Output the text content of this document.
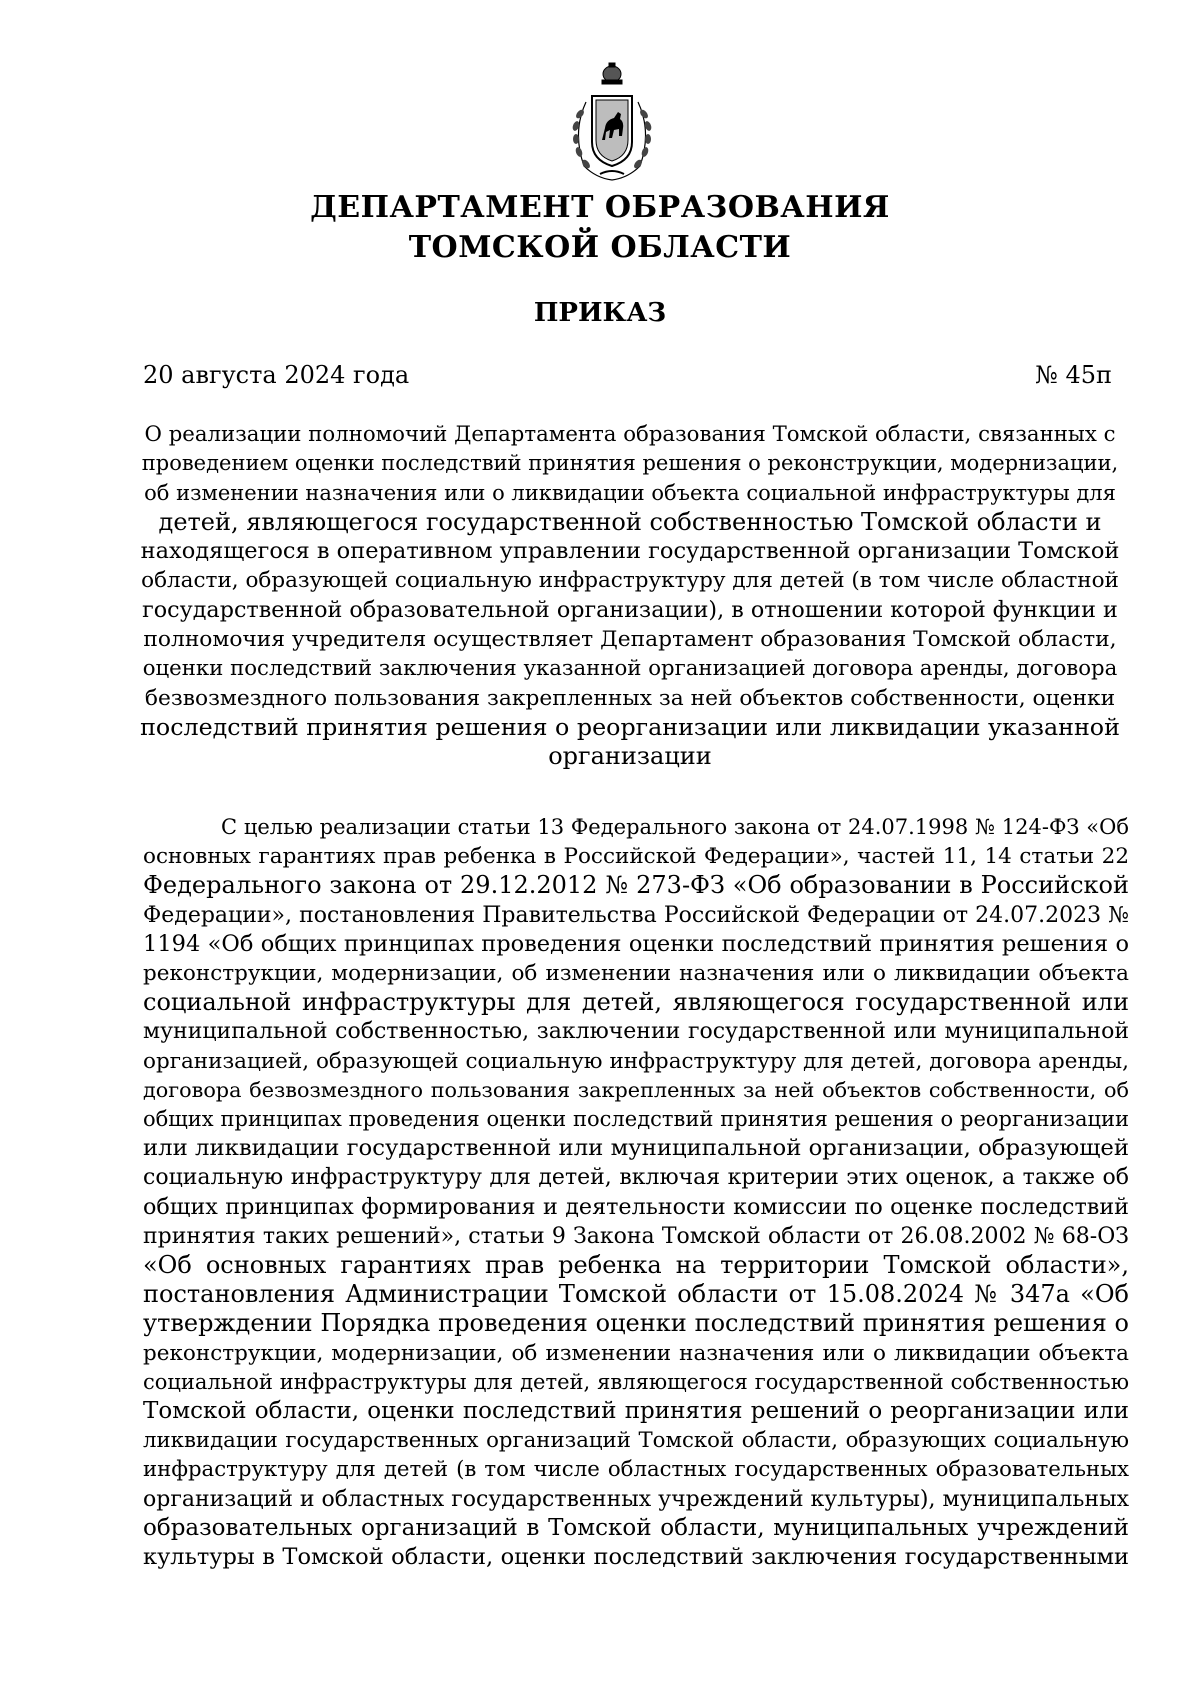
ДЕПАРТАМЕНТ ОБРАЗОВАНИЯ
ТОМСКОЙ ОБЛАСТИ
ПРИКАЗ
20 августа 2024 года	№ 45п
О реализации полномочий Департамента образования Томской области, связанных с
проведением оценки последствий принятия решения о реконструкции, модернизации,
об изменении назначения или о ликвидации объекта социальной инфраструктуры для
детей, являющегося государственной собственностью Томской области и
находящегося в оперативном управлении государственной организации Томской
области, образующей социальную инфраструктуру для детей (в том числе областной
государственной образовательной организации), в отношении которой функции и
полномочия учредителя осуществляет Департамент образования Томской области,
оценки последствий заключения указанной организацией договора аренды, договора
безвозмездного пользования закрепленных за ней объектов собственности, оценки
последствий принятия решения о реорганизации или ликвидации указанной
организации
С целью реализации статьи 13 Федерального закона от 24.07.1998 № 124-ФЗ «Об
основных гарантиях прав ребенка в Российской Федерации», частей 11, 14 статьи 22
Федерального закона от 29.12.2012 № 273-ФЗ «Об образовании в Российской
Федерации», постановления Правительства Российской Федерации от 24.07.2023 №
1194 «Об общих принципах проведения оценки последствий принятия решения о
реконструкции, модернизации, об изменении назначения или о ликвидации объекта
социальной инфраструктуры для детей, являющегося государственной или
муниципальной собственностью, заключении государственной или муниципальной
организацией, образующей социальную инфраструктуру для детей, договора аренды,
договора безвозмездного пользования закрепленных за ней объектов собственности, об
общих принципах проведения оценки последствий принятия решения о реорганизации
или ликвидации государственной или муниципальной организации, образующей
социальную инфраструктуру для детей, включая критерии этих оценок, а также об
общих принципах формирования и деятельности комиссии по оценке последствий
принятия таких решений», статьи 9 Закона Томской области от 26.08.2002 № 68-ОЗ
«Об основных гарантиях прав ребенка на территории Томской области»,
постановления Администрации Томской области от 15.08.2024 № 347а «Об
утверждении Порядка проведения оценки последствий принятия решения о
реконструкции, модернизации, об изменении назначения или о ликвидации объекта
социальной инфраструктуры для детей, являющегося государственной собственностью
Томской области, оценки последствий принятия решений о реорганизации или
ликвидации государственных организаций Томской области, образующих социальную
инфраструктуру для детей (в том числе областных государственных образовательных
организаций и областных государственных учреждений культуры), муниципальных
образовательных организаций в Томской области, муниципальных учреждений
культуры в Томской области, оценки последствий заключения государственными
